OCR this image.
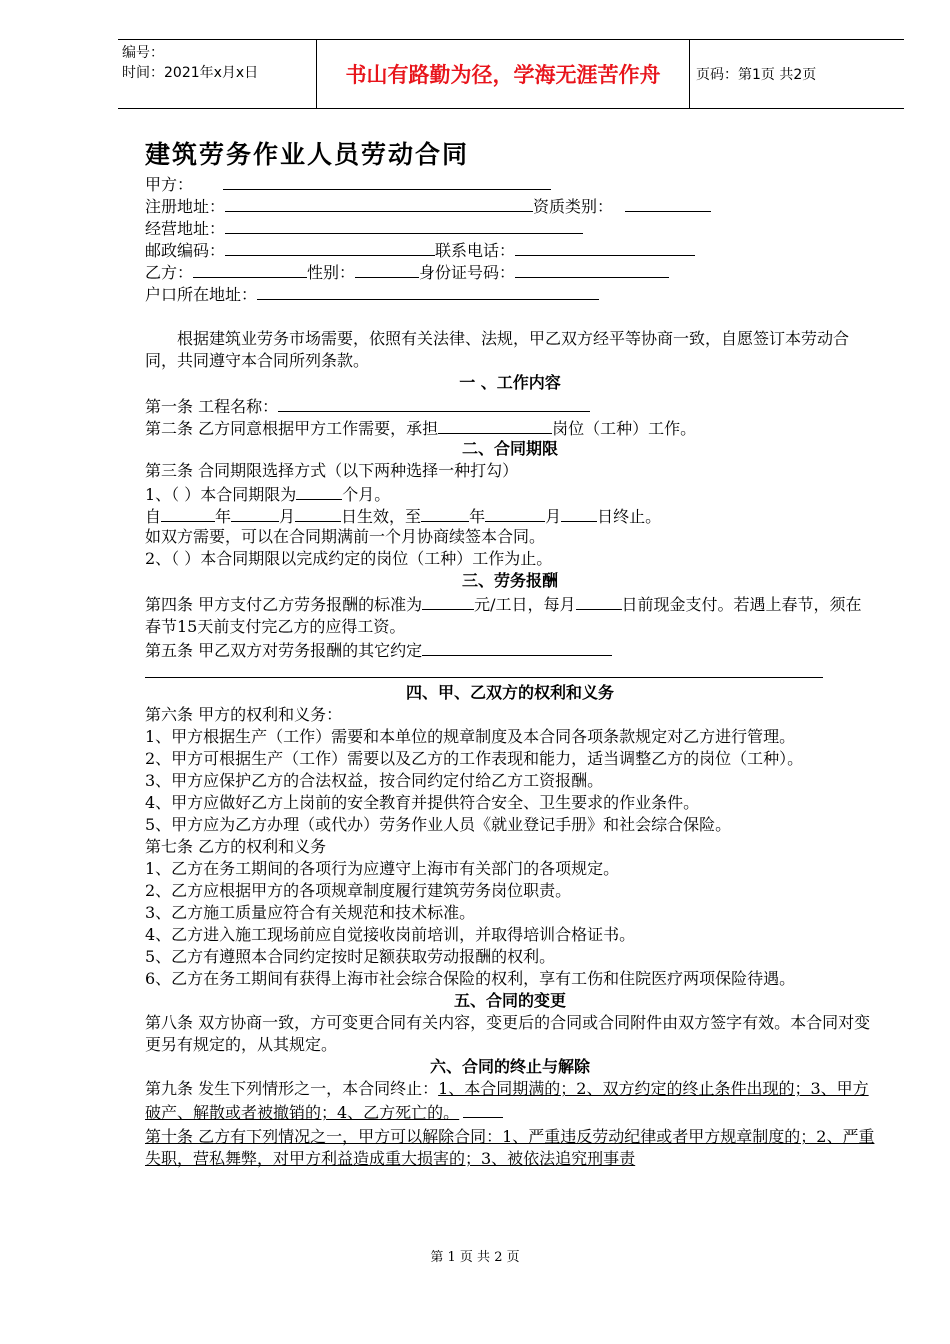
编号：
时间：2021年x月x日	书山有路勤为径，学海无涯苦作舟	页码：第1页 共2页
建筑劳务作业人员劳动合同
甲方：
注册地址：	资质类别：
经营地址：
邮政编码：	联系电话：
乙方：	性别：	身份证号码：
户口所在地址：
根据建筑业劳务市场需要，依照有关法律、法规，甲乙双方经平等协商一致，自愿签订本劳动合同，共同遵守本合同所列条款。
一 、工作内容
第一条 工程名称：
第二条 乙方同意根据甲方工作需要，承担	岗位（工种）工作。
二、合同期限
第三条 合同期限选择方式（以下两种选择一种打勾）
1、（ ）本合同期限为	个月。
自	年	月	日生效，至	年	月 日终止。
如双方需要，可以在合同期满前一个月协商续签本合同。
2、（ ）本合同期限以完成约定的岗位（工种）工作为止。
三、劳务报酬
第四条 甲方支付乙方劳务报酬的标准为	元/工日，每月	日前现金支付。若遇上春节，须在春节15天前支付完乙方的应得工资。
第五条 甲乙双方对劳务报酬的其它约定
四、甲、乙双方的权利和义务
第六条 甲方的权利和义务：
1、甲方根据生产（工作）需要和本单位的规章制度及本合同各项条款规定对乙方进行管理。
2、甲方可根据生产（工作）需要以及乙方的工作表现和能力，适当调整乙方的岗位（工种）。
3、甲方应保护乙方的合法权益，按合同约定付给乙方工资报酬。
4、甲方应做好乙方上岗前的安全教育并提供符合安全、卫生要求的作业条件。
5、甲方应为乙方办理（或代办）劳务作业人员《就业登记手册》和社会综合保险。
第七条 乙方的权利和义务
1、乙方在务工期间的各项行为应遵守上海市有关部门的各项规定。
2、乙方应根据甲方的各项规章制度履行建筑劳务岗位职责。
3、乙方施工质量应符合有关规范和技术标准。
4、乙方进入施工现场前应自觉接收岗前培训，并取得培训合格证书。
5、乙方有遵照本合同约定按时足额获取劳动报酬的权利。
6、乙方在务工期间有获得上海市社会综合保险的权利，享有工伤和住院医疗两项保险待遇。
五、合同的变更
第八条 双方协商一致，方可变更合同有关内容，变更后的合同或合同附件由双方签字有效。本合同对变更另有规定的，从其规定。
六、合同的终止与解除
第九条 发生下列情形之一，本合同终止：1、本合同期满的；2、双方约定的终止条件出现的；3、甲方破产、解散或者被撤销的；4、乙方死亡的。
第十条 乙方有下列情况之一，甲方可以解除合同：1、严重违反劳动纪律或者甲方规章制度的；2、严重失职，营私舞弊，对甲方利益造成重大损害的；3、被依法追究刑事责
第 1 页 共 2 页
